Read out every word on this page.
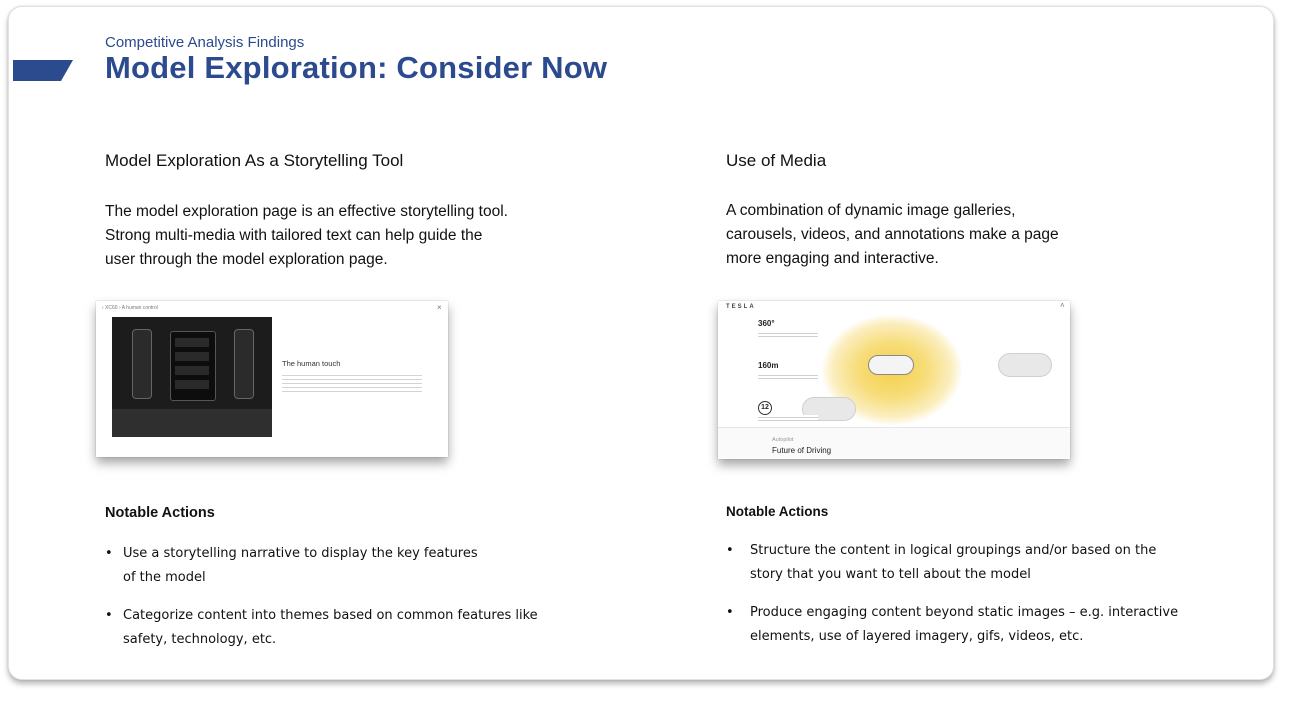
Competitive Analysis Findings
Model Exploration: Consider Now
Model Exploration As a Storytelling Tool
The model exploration page is an effective storytelling tool.
Strong multi-media with tailored text can help guide the
user through the model exploration page.
‹ XC60 › A human control	×
The human touch
Notable Actions
• Use a storytelling narrative to display the key features
of the model
• Categorize content into themes based on common features like
safety, technology, etc.
Use of Media
A combination of dynamic image galleries,
carousels, videos, and annotations make a page
more engaging and interactive.
TESLA	˄
360°
160m
12
Autopilot
Future of Driving
Notable Actions
• Structure the content in logical groupings and/or based on the
story that you want to tell about the model
• Produce engaging content beyond static images – e.g. interactive
elements, use of layered imagery, gifs, videos, etc.
